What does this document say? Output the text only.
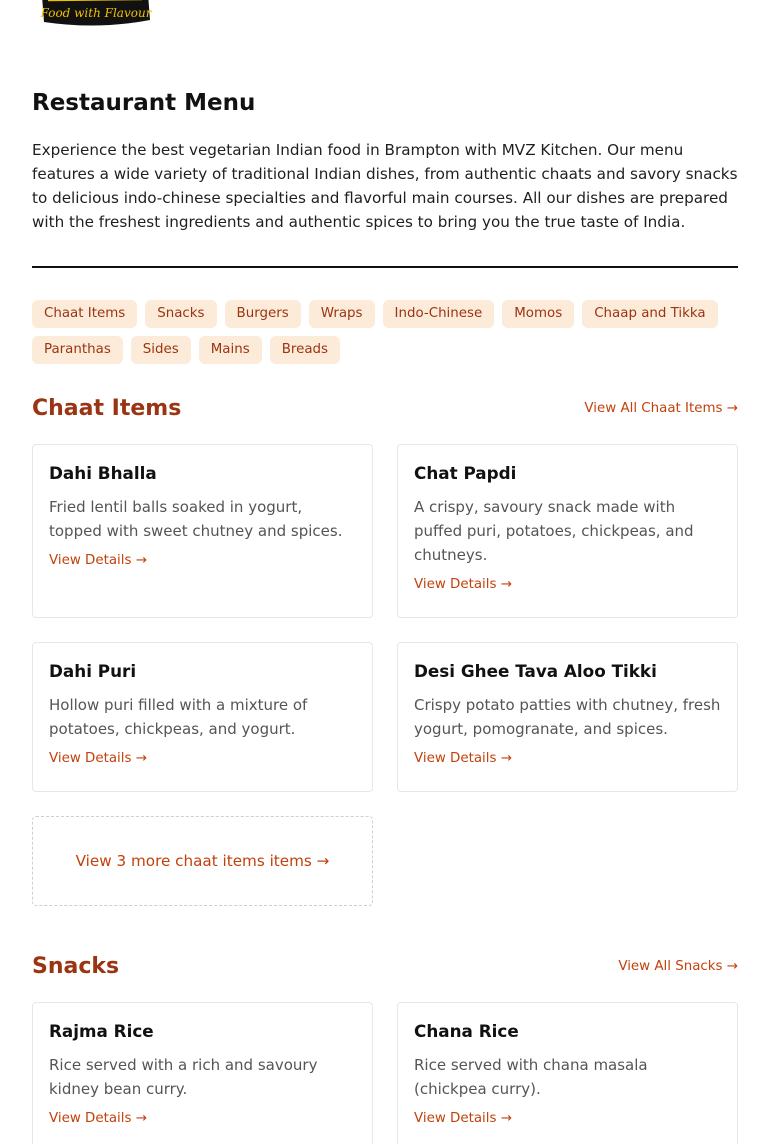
Food with Flavour
Restaurant Menu

Experience the best vegetarian Indian food in Brampton with MVZ Kitchen. Our menu features a wide variety of traditional Indian dishes, from authentic chaats and savory snacks to delicious indo-chinese specialties and flavorful main courses. All our dishes are prepared with the freshest ingredients and authentic spices to bring you the true taste of India.

Chaat Items	Snacks	Burgers	Wraps	Indo-Chinese	Momos	Chaap and Tikka
Paranthas	Sides	Mains	Breads
Chaat Items	View All Chaat Items →
Dahi Bhalla
Fried lentil balls soaked in yogurt, topped with sweet chutney and spices.
View Details →
Chat Papdi
A crispy, savoury snack made with puffed puri, potatoes, chickpeas, and chutneys.
View Details →
Dahi Puri
Hollow puri filled with a mixture of potatoes, chickpeas, and yogurt.
View Details →
Desi Ghee Tava Aloo Tikki
Crispy potato patties with chutney, fresh yogurt, pomogranate, and spices.
View Details →
View 3 more chaat items items →
Snacks	View All Snacks →
Rajma Rice
Rice served with a rich and savoury kidney bean curry.
View Details →
Chana Rice
Rice served with chana masala (chickpea curry).
View Details →
